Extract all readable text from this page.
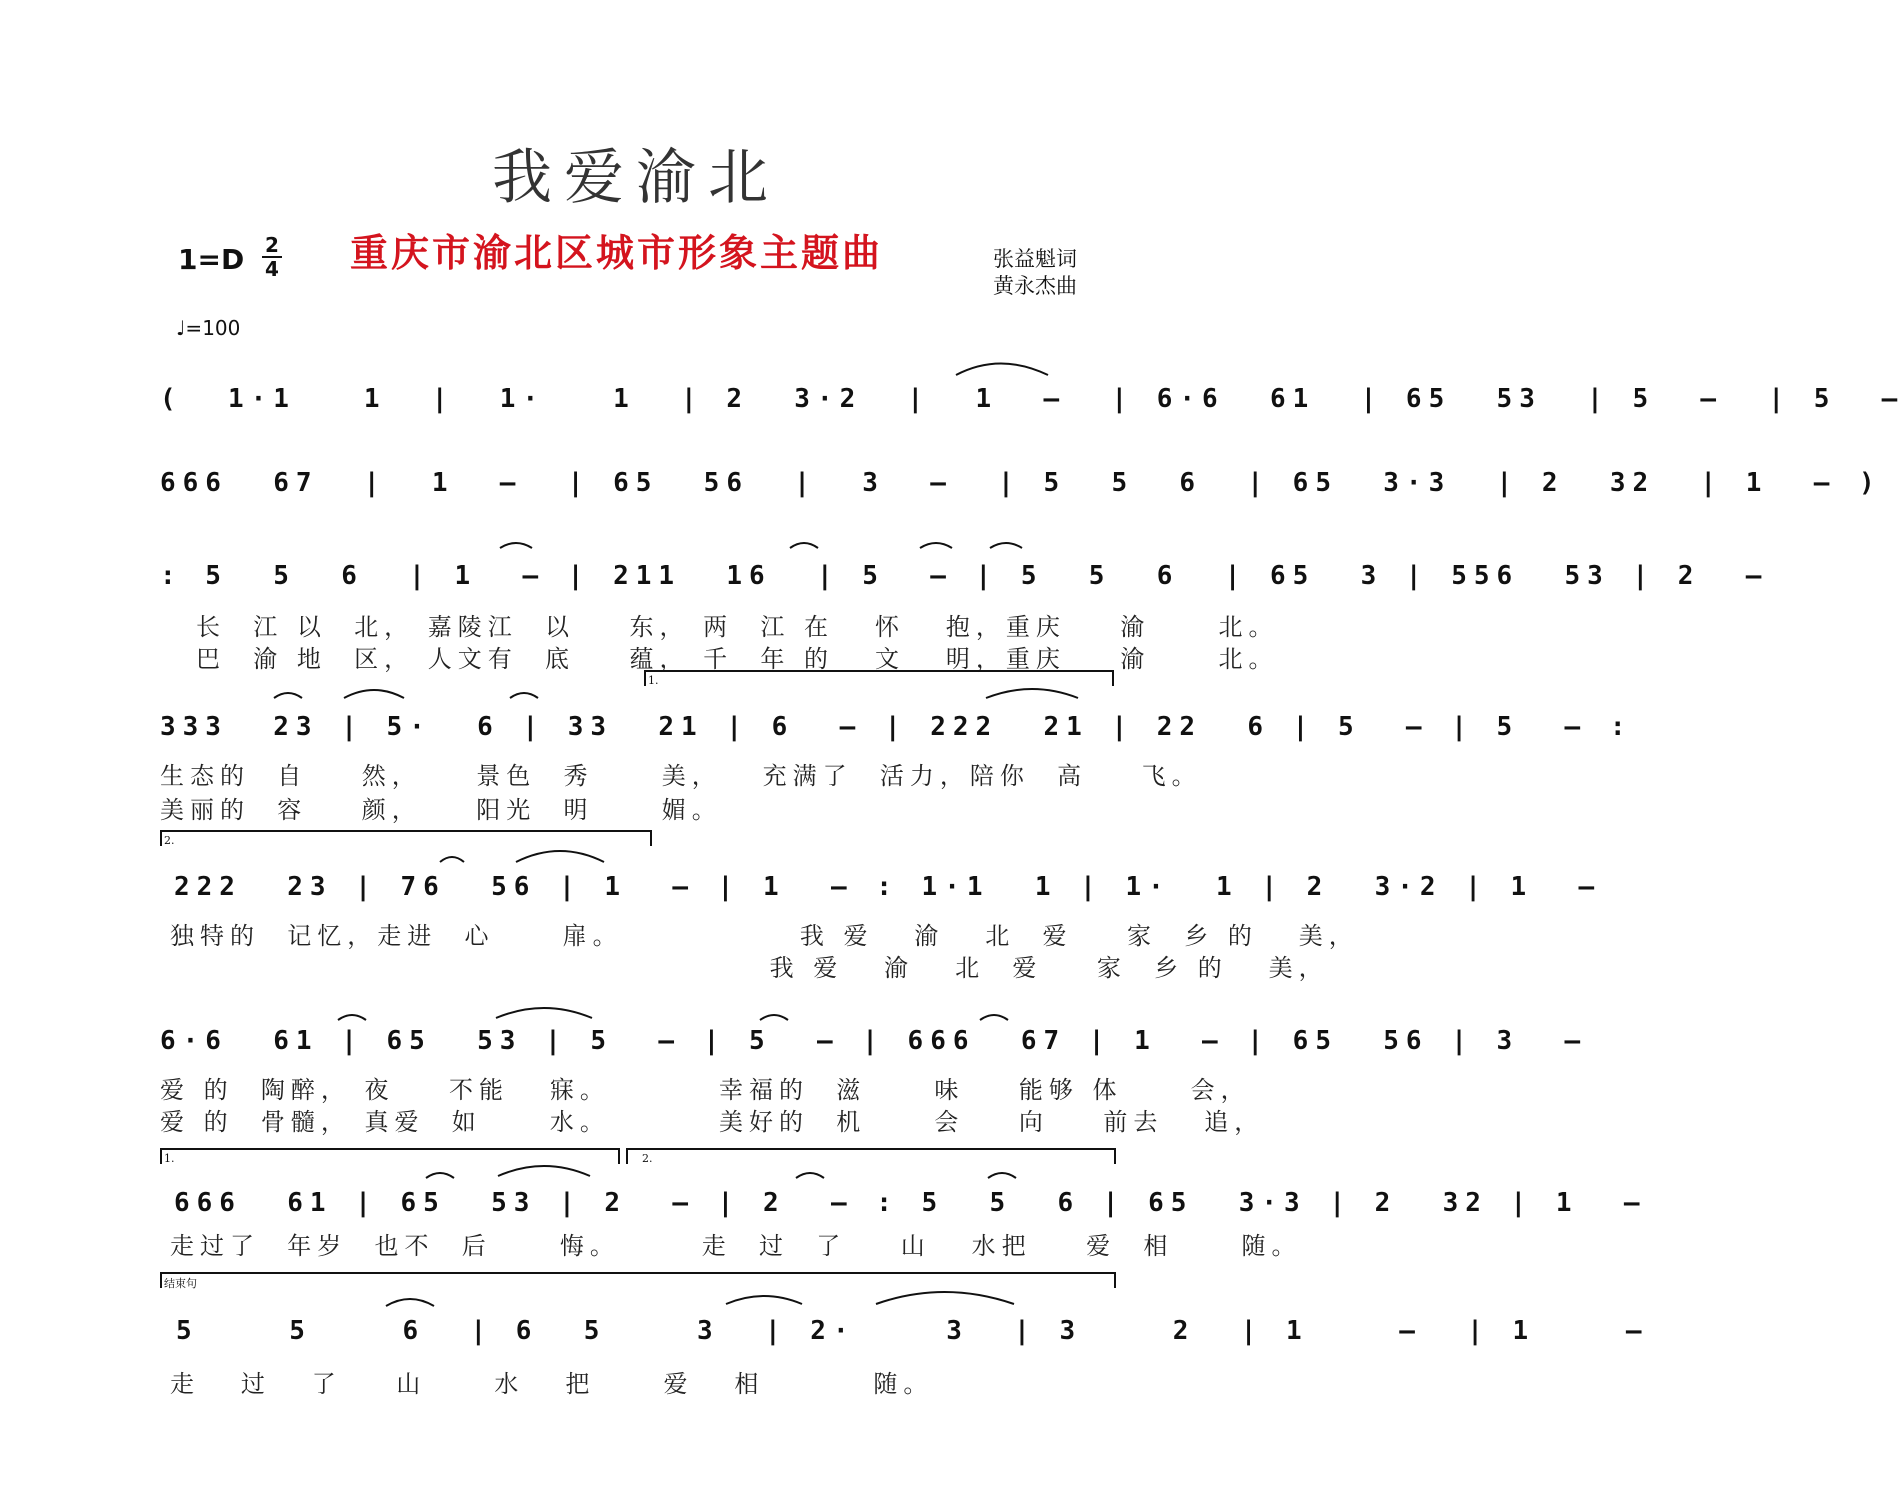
我爱渝北
重庆市渝北区城市形象主题曲
$1=D \frac{2}{4}$	张益魁词
黄永杰曲
♩=100
(  1·1   1  |  1·   1  | 2  3·2  |  1  –  | 6·6  61  | 65  53  | 5  –  | 5  –
666  67  |  1  –  | 65  56  |  3  –  | 5  5  6  | 65  3·3  | 2  32  | 1  – )
: 5  5  6  | 1  – | 211  16  | 5  – | 5  5  6  | 65  3 | 556  53 | 2  –
长  江 以  北， 嘉陵江  以    东， 两  江 在   怀   抱，重庆    渝     北。
巴  渝 地  区， 人文有  底    蕴， 千  年 的   文   明，重庆    渝     北。
1.
333  23 | 5·  6 | 33  21 | 6  – | 222  21 | 22  6 | 5  – | 5  – :
生态的  自    然，    景色  秀     美，   充满了  活力，陪你  高    飞。
美丽的  容    颜，    阳光  明     媚。
2.
222  23 | 76  56 | 1  – | 1  – : 1·1  1 | 1·  1 | 2  3·2 | 1  –
独特的  记忆，走进  心     扉。             我 爱   渝   北  爱    家  乡 的   美，
我 爱   渝   北  爱    家  乡 的   美，
6·6  61 | 65  53 | 5  – | 5  – | 666  67 | 1  – | 65  56 | 3  –
爱 的  陶醉， 夜    不能   寐。        幸福的  滋     味    能够 体     会，
爱 的  骨髓， 真爱  如     水。        美好的  机     会    向    前去   追，
1.	2.
666  61 | 65  53 | 2  – | 2  – : 5  5  6 | 65  3·3 | 2  32 | 1  –
走过了  年岁  也不  后     悔。      走  过  了    山   水把    爱  相     随。
结束句
5    5    6  | 6  5    3  | 2·    3  | 3    2  | 1    –  | 1    –
走   过   了    山     水   把     爱   相        随。
